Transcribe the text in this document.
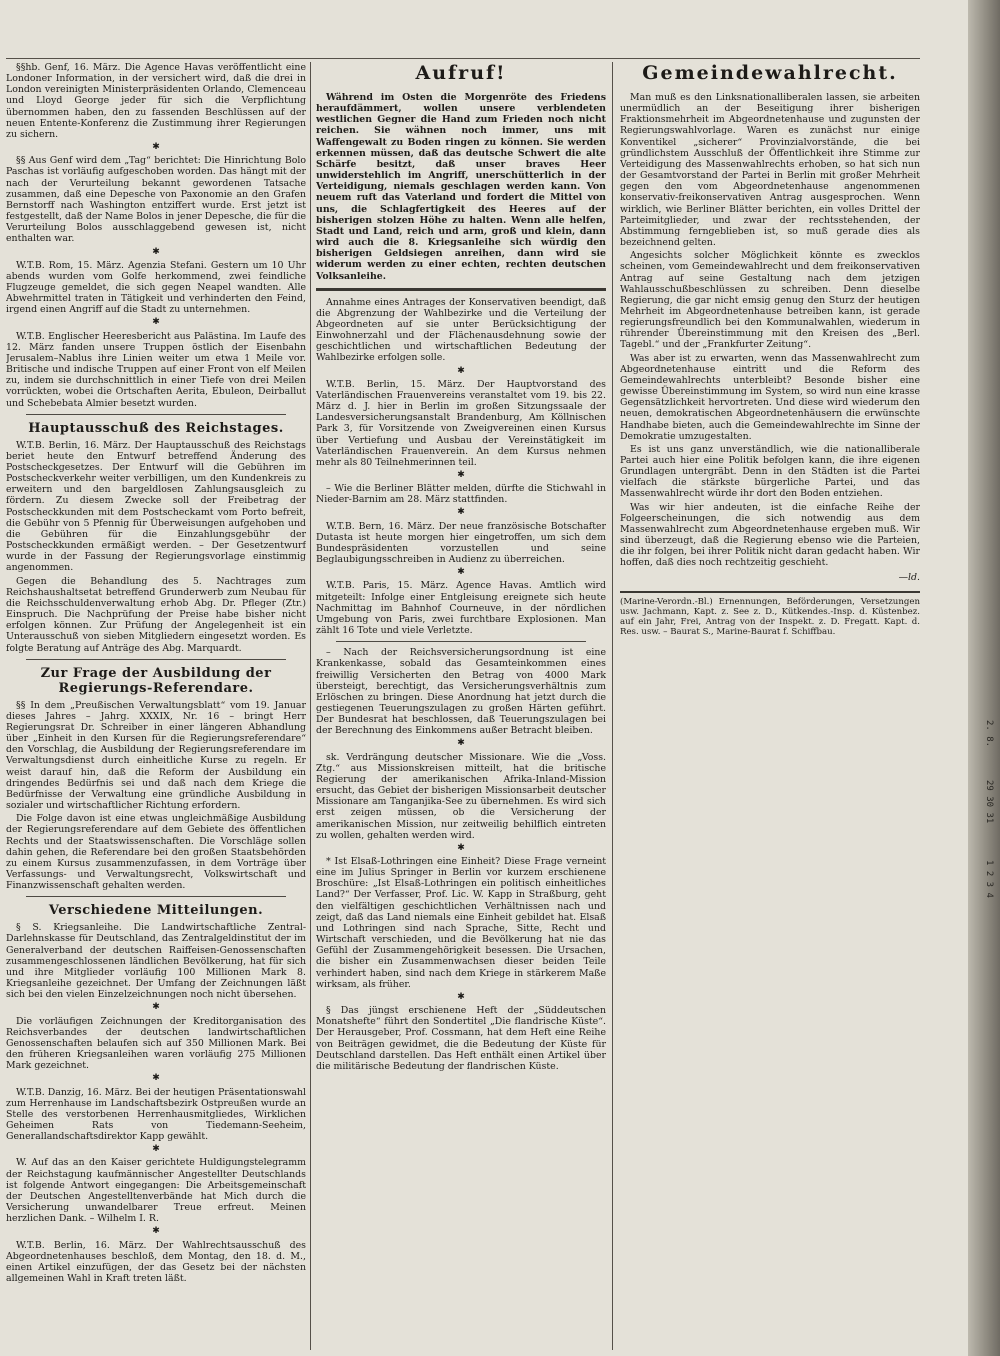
§§hb. Genf, 16. März. Die Agence Havas veröffentlicht eine Londoner Information, in der versichert wird, daß die drei in London vereinigten Ministerpräsidenten Orlando, Clemenceau und Lloyd George jeder für sich die Verpflichtung übernommen haben, den zu fassenden Beschlüssen auf der neuen Entente-Konferenz die Zustimmung ihrer Regierungen zu sichern.

✱

§§ Aus Genf wird dem „Tag“ berichtet: Die Hinrichtung Bolo Paschas ist vorläufig aufgeschoben worden. Das hängt mit der nach der Verurteilung bekannt gewordenen Tatsache zusammen, daß eine Depesche von Paxonomie an den Grafen Bernstorff nach Washington entziffert wurde. Erst jetzt ist festgestellt, daß der Name Bolos in jener Depesche, die für die Verurteilung Bolos ausschlaggebend gewesen ist, nicht enthalten war.

✱

W.T.B. Rom, 15. März. Agenzia Stefani. Gestern um 10 Uhr abends wurden vom Golfe herkommend, zwei feindliche Flugzeuge gemeldet, die sich gegen Neapel wandten. Alle Abwehrmittel traten in Tätigkeit und verhinderten den Feind, irgend einen Angriff auf die Stadt zu unternehmen.

✱

W.T.B. Englischer Heeresbericht aus Palästina. Im Laufe des 12. März fanden unsere Truppen östlich der Eisenbahn Jerusalem–Nablus ihre Linien weiter um etwa 1 Meile vor. Britische und indische Truppen auf einer Front von elf Meilen zu, indem sie durchschnittlich in einer Tiefe von drei Meilen vorrückten, wobei die Ortschaften Aerita, Ebuleon, Deirballut und Schebebata Almier besetzt wurden.

Hauptausschuß des Reichstages.

W.T.B. Berlin, 16. März. Der Hauptausschuß des Reichstags beriet heute den Entwurf betreffend Änderung des Postscheckgesetzes. Der Entwurf will die Gebühren im Postscheckverkehr weiter verbilligen, um den Kundenkreis zu erweitern und den bargeldlosen Zahlungsausgleich zu fördern. Zu diesem Zwecke soll der Freibetrag der Postscheckkunden mit dem Postscheckamt vom Porto befreit, die Gebühr von 5 Pfennig für Überweisungen aufgehoben und die Gebühren für die Einzahlungsgebühr der Postscheckkunden ermäßigt werden. – Der Gesetzentwurf wurde in der Fassung der Regierungsvorlage einstimmig angenommen.

Gegen die Behandlung des 5. Nachtrages zum Reichshaushaltsetat betreffend Grunderwerb zum Neubau für die Reichsschuldenverwaltung erhob Abg. Dr. Pfleger (Ztr.) Einspruch. Die Nachprüfung der Preise habe bisher nicht erfolgen können. Zur Prüfung der Angelegenheit ist ein Unterausschuß von sieben Mitgliedern eingesetzt worden. Es folgte Beratung auf Anträge des Abg. Marquardt.

Zur Frage der Ausbildung der Regierungs-Referendare.

§§ In dem „Preußischen Verwaltungsblatt“ vom 19. Januar dieses Jahres – Jahrg. XXXIX, Nr. 16 – bringt Herr Regierungsrat Dr. Schreiber in einer längeren Abhandlung über „Einheit in den Kursen für die Regierungsreferendare“ den Vorschlag, die Ausbildung der Regierungsreferendare im Verwaltungsdienst durch einheitliche Kurse zu regeln. Er weist darauf hin, daß die Reform der Ausbildung ein dringendes Bedürfnis sei und daß nach dem Kriege die Bedürfnisse der Verwaltung eine gründliche Ausbildung in sozialer und wirtschaftlicher Richtung erfordern.

Die Folge davon ist eine etwas ungleichmäßige Ausbildung der Regierungsreferendare auf dem Gebiete des öffentlichen Rechts und der Staatswissenschaften. Die Vorschläge sollen dahin gehen, die Referendare bei den großen Staatsbehörden zu einem Kursus zusammenzufassen, in dem Vorträge über Verfassungs- und Verwaltungsrecht, Volkswirtschaft und Finanzwissenschaft gehalten werden.

Verschiedene Mitteilungen.

§ S. Kriegsanleihe. Die Landwirtschaftliche Zentral-Darlehnskasse für Deutschland, das Zentralgeldinstitut der im Generalverband der deutschen Raiffeisen-Genossenschaften zusammengeschlossenen ländlichen Bevölkerung, hat für sich und ihre Mitglieder vorläufig 100 Millionen Mark 8. Kriegsanleihe gezeichnet. Der Umfang der Zeichnungen läßt sich bei den vielen Einzelzeichnungen noch nicht übersehen.

✱

Die vorläufigen Zeichnungen der Kreditorganisation des Reichsverbandes der deutschen landwirtschaftlichen Genossenschaften belaufen sich auf 350 Millionen Mark. Bei den früheren Kriegsanleihen waren vorläufig 275 Millionen Mark gezeichnet.

✱

W.T.B. Danzig, 16. März. Bei der heutigen Präsentationswahl zum Herrenhause im Landschaftsbezirk Ostpreußen wurde an Stelle des verstorbenen Herrenhausmitgliedes, Wirklichen Geheimen Rats von Tiedemann-Seeheim, Generallandschaftsdirektor Kapp gewählt.

✱

W. Auf das an den Kaiser gerichtete Huldigungstelegramm der Reichstagung kaufmännischer Angestellter Deutschlands ist folgende Antwort eingegangen: Die Arbeitsgemeinschaft der Deutschen Angestelltenverbände hat Mich durch die Versicherung unwandelbarer Treue erfreut. Meinen herzlichen Dank. – Wilhelm I. R.

✱

W.T.B. Berlin, 16. März. Der Wahlrechtsausschuß des Abgeordnetenhauses beschloß, dem Montag, den 18. d. M., einen Artikel einzufügen, der das Gesetz bei der nächsten allgemeinen Wahl in Kraft treten läßt.

Aufruf!

Während im Osten die Morgenröte des Friedens heraufdämmert, wollen unsere verblendeten westlichen Gegner die Hand zum Frieden noch nicht reichen. Sie wähnen noch immer, uns mit Waffengewalt zu Boden ringen zu können. Sie werden erkennen müssen, daß das deutsche Schwert die alte Schärfe besitzt, daß unser braves Heer unwiderstehlich im Angriff, unerschütterlich in der Verteidigung, niemals geschlagen werden kann. Von neuem ruft das Vaterland und fordert die Mittel von uns, die Schlagfertigkeit des Heeres auf der bisherigen stolzen Höhe zu halten. Wenn alle helfen, Stadt und Land, reich und arm, groß und klein, dann wird auch die 8. Kriegsanleihe sich würdig den bisherigen Geldsiegen anreihen, dann wird sie widerum werden zu einer echten, rechten deutschen Volksanleihe.

Annahme eines Antrages der Konservativen beendigt, daß die Abgrenzung der Wahlbezirke und die Verteilung der Abgeordneten auf sie unter Berücksichtigung der Einwohnerzahl und der Flächenausdehnung sowie der geschichtlichen und wirtschaftlichen Bedeutung der Wahlbezirke erfolgen solle.

✱

W.T.B. Berlin, 15. März. Der Hauptvorstand des Vaterländischen Frauenvereins veranstaltet vom 19. bis 22. März d. J. hier in Berlin im großen Sitzungssaale der Landesversicherungsanstalt Brandenburg, Am Köllnischen Park 3, für Vorsitzende von Zweigvereinen einen Kursus über Vertiefung und Ausbau der Vereinstätigkeit im Vaterländischen Frauenverein. An dem Kursus nehmen mehr als 80 Teilnehmerinnen teil.

✱

– Wie die Berliner Blätter melden, dürfte die Stichwahl in Nieder-Barnim am 28. März stattfinden.

✱

W.T.B. Bern, 16. März. Der neue französische Botschafter Dutasta ist heute morgen hier eingetroffen, um sich dem Bundespräsidenten vorzustellen und seine Beglaubigungsschreiben in Audienz zu überreichen.

✱

W.T.B. Paris, 15. März. Agence Havas. Amtlich wird mitgeteilt: Infolge einer Entgleisung ereignete sich heute Nachmittag im Bahnhof Courneuve, in der nördlichen Umgebung von Paris, zwei furchtbare Explosionen. Man zählt 16 Tote und viele Verletzte.

– Nach der Reichsversicherungsordnung ist eine Krankenkasse, sobald das Gesamteinkommen eines freiwillig Versicherten den Betrag von 4000 Mark übersteigt, berechtigt, das Versicherungsverhältnis zum Erlöschen zu bringen. Diese Anordnung hat jetzt durch die gestiegenen Teuerungszulagen zu großen Härten geführt. Der Bundesrat hat beschlossen, daß Teuerungszulagen bei der Berechnung des Einkommens außer Betracht bleiben.

✱

sk. Verdrängung deutscher Missionare. Wie die „Voss. Ztg.“ aus Missionskreisen mitteilt, hat die britische Regierung der amerikanischen Afrika-Inland-Mission ersucht, das Gebiet der bisherigen Missionsarbeit deutscher Missionare am Tanganjika-See zu übernehmen. Es wird sich erst zeigen müssen, ob die Versicherung der amerikanischen Mission, nur zeitweilig behilflich eintreten zu wollen, gehalten werden wird.

✱

* Ist Elsaß-Lothringen eine Einheit? Diese Frage verneint eine im Julius Springer in Berlin vor kurzem erschienene Broschüre: „Ist Elsaß-Lothringen ein politisch einheitliches Land?“ Der Verfasser, Prof. Lic. W. Kapp in Straßburg, geht den vielfältigen geschichtlichen Verhältnissen nach und zeigt, daß das Land niemals eine Einheit gebildet hat. Elsaß und Lothringen sind nach Sprache, Sitte, Recht und Wirtschaft verschieden, und die Bevölkerung hat nie das Gefühl der Zusammengehörigkeit besessen. Die Ursachen, die bisher ein Zusammenwachsen dieser beiden Teile verhindert haben, sind nach dem Kriege in stärkerem Maße wirksam, als früher.

✱

§ Das jüngst erschienene Heft der „Süddeutschen Monatshefte“ führt den Sondertitel „Die flandrische Küste“. Der Herausgeber, Prof. Cossmann, hat dem Heft eine Reihe von Beiträgen gewidmet, die die Bedeutung der Küste für Deutschland darstellen. Das Heft enthält einen Artikel über die militärische Bedeutung der flandrischen Küste.

Gemeindewahlrecht.

Man muß es den Linksnationalliberalen lassen, sie arbeiten unermüdlich an der Beseitigung ihrer bisherigen Fraktionsmehrheit im Abgeordnetenhause und zugunsten der Regierungswahlvorlage. Waren es zunächst nur einige Konventikel „sicherer“ Provinzialvorstände, die bei gründlichstem Ausschluß der Öffentlichkeit ihre Stimme zur Verteidigung des Massenwahlrechts erhoben, so hat sich nun der Gesamtvorstand der Partei in Berlin mit großer Mehrheit gegen den vom Abgeordnetenhause angenommenen konservativ-freikonservativen Antrag ausgesprochen. Wenn wirklich, wie Berliner Blätter berichten, ein volles Drittel der Parteimitglieder, und zwar der rechtsstehenden, der Abstimmung ferngeblieben ist, so muß gerade dies als bezeichnend gelten.

Angesichts solcher Möglichkeit könnte es zwecklos scheinen, vom Gemeindewahlrecht und dem freikonservativen Antrag auf seine Gestaltung nach dem jetzigen Wahlausschußbeschlüssen zu schreiben. Denn dieselbe Regierung, die gar nicht emsig genug den Sturz der heutigen Mehrheit im Abgeordnetenhause betreiben kann, ist gerade regierungsfreundlich bei den Kommunalwahlen, wiederum in rührender Übereinstimmung mit den Kreisen des „Berl. Tagebl.“ und der „Frankfurter Zeitung“.

Was aber ist zu erwarten, wenn das Massenwahlrecht zum Abgeordnetenhause eintritt und die Reform des Gemeindewahlrechts unterbleibt? Besonde bisher eine gewisse Übereinstimmung im System, so wird nun eine krasse Gegensätzlichkeit hervortreten. Und diese wird wiederum den neuen, demokratischen Abgeordnetenhäusern die erwünschte Handhabe bieten, auch die Gemeindewahlrechte im Sinne der Demokratie umzugestalten.

Es ist uns ganz unverständlich, wie die nationalliberale Partei auch hier eine Politik befolgen kann, die ihre eigenen Grundlagen untergräbt. Denn in den Städten ist die Partei vielfach die stärkste bürgerliche Partei, und das Massenwahlrecht würde ihr dort den Boden entziehen.

Was wir hier andeuten, ist die einfache Reihe der Folgeerscheinungen, die sich notwendig aus dem Massenwahlrecht zum Abgeordnetenhause ergeben muß. Wir sind überzeugt, daß die Regierung ebenso wie die Parteien, die ihr folgen, bei ihrer Politik nicht daran gedacht haben. Wir hoffen, daß dies noch rechtzeitig geschieht.

—ld.
(Marine-Verordn.-Bl.) Ernennungen, Beförderungen, Versetzungen usw. Jachmann, Kapt. z. See z. D., Kütkendes.-Insp. d. Küstenbez. auf ein Jahr, Frei, Antrag von der Inspekt. z. D. Fregatt. Kapt. d. Res. usw. – Baurat S., Marine-Baurat f. Schiffbau.
2. 8.
29 30 31
1 2 3 4
